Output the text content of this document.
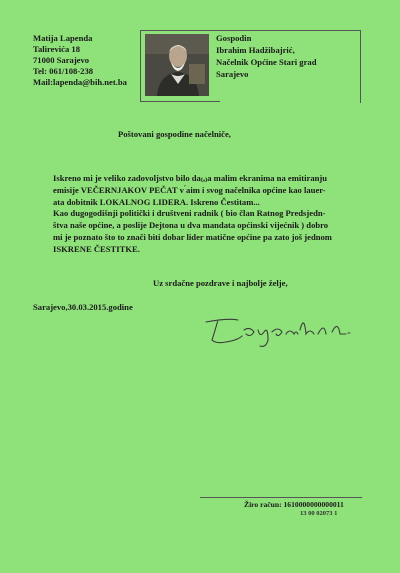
Matija Lapenda
Talirevića 18
71000 Sarajevo
Tel: 061/108-238
Mail:lapenda@bih.net.ba
Gospodin
Ibrahim Hadžibajrić,
Načelnik Općine Stari grad
Sarajevo
Poštovani gospodine načelniče,
Iskreno mi je veliko zadovoljstvo bilo da₍,₎a malim ekranima na emitiranju
emisije VEČERNJAKOV PEČAT v ́aim i svog načelnika općine kao lauer-
ata dobitnik LOKALNOG LIDERA. Iskreno Čestitam...
Kao dugogodišnji politički i društveni radnik ( bio član Ratnog Predsjedn-
štva naše općine, a poslije Dejtona u dva mandata općinski vijećnik ) dobro
mi je poznato što to znači biti dobar lider matične općine pa zato još jednom
ISKRENE ČESTITKE.
Uz srdačne pozdrave i najbolje želje,
Sarajevo,30.03.2015.godine
Žiro račun: 1610000000000011
13 00 02073 1
